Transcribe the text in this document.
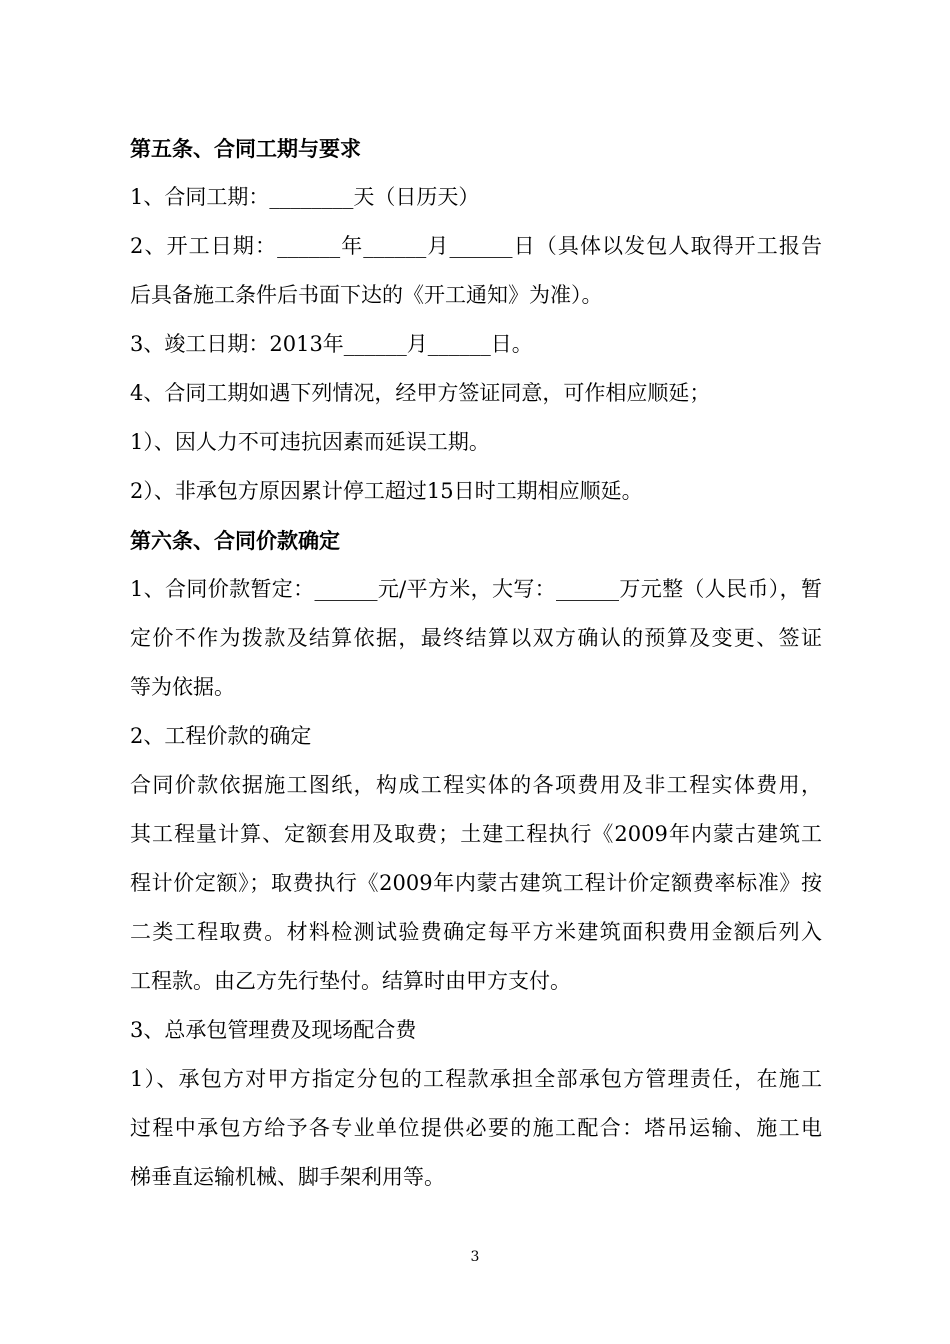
第五条、合同工期与要求
1、合同工期：________天（日历天）
2、开工日期：______年______月______日（具体以发包人取得开工报告
后具备施工条件后书面下达的《开工通知》为准）。
3、竣工日期：2013年______月______日。
4、合同工期如遇下列情况，经甲方签证同意，可作相应顺延；
1）、因人力不可违抗因素而延误工期。
2）、非承包方原因累计停工超过15日时工期相应顺延。
第六条、合同价款确定
1、合同价款暂定：______元/平方米，大写：______万元整（人民币），暂
定价不作为拨款及结算依据，最终结算以双方确认的预算及变更、签证
等为依据。
2、工程价款的确定
合同价款依据施工图纸，构成工程实体的各项费用及非工程实体费用，
其工程量计算、定额套用及取费；土建工程执行《2009年内蒙古建筑工
程计价定额》；取费执行《2009年内蒙古建筑工程计价定额费率标准》按
二类工程取费。材料检测试验费确定每平方米建筑面积费用金额后列入
工程款。由乙方先行垫付。结算时由甲方支付。
3、总承包管理费及现场配合费
1）、承包方对甲方指定分包的工程款承担全部承包方管理责任，在施工
过程中承包方给予各专业单位提供必要的施工配合：塔吊运输、施工电
梯垂直运输机械、脚手架利用等。
3
